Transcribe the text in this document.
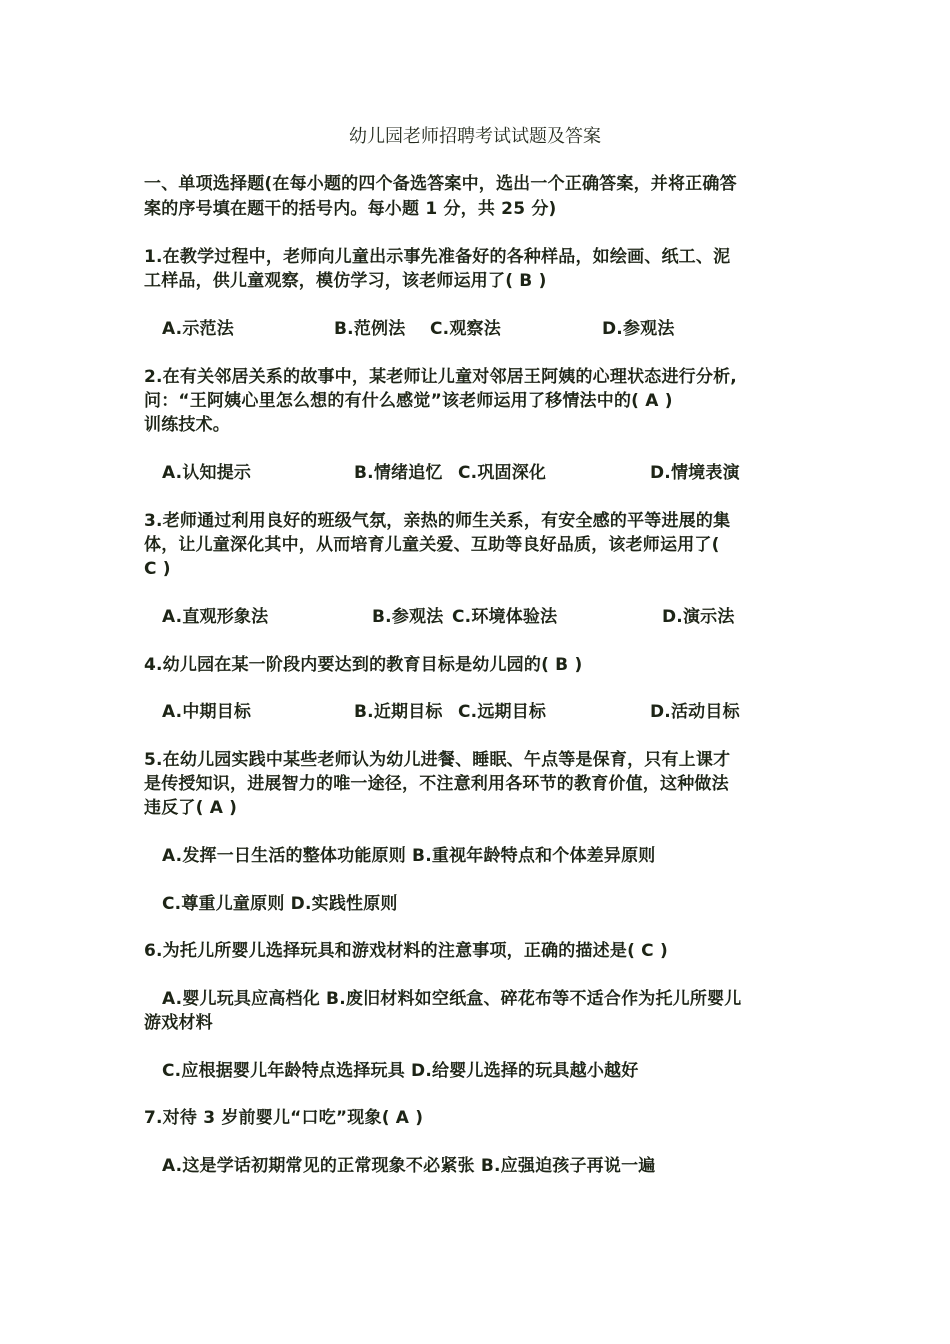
幼儿园老师招聘考试试题及答案
一、单项选择题(在每小题的四个备选答案中，选出一个正确答案，并将正确答
案的序号填在题干的括号内。每小题 1 分，共 25 分)
1.在教学过程中，老师向儿童出示事先准备好的各种样品，如绘画、纸工、泥
工样品，供儿童观察，模仿学习，该老师运用了( B )
A.示范法	B.范例法 C.观察法	D.参观法
2.在有关邻居关系的故事中，某老师让儿童对邻居王阿姨的心理状态进行分析,
问：“王阿姨心里怎么想的有什么感觉”该老师运用了移情法中的( A )
训练技术。
A.认知提示	B.情绪追忆 C.巩固深化	D.情境表演
3.老师通过利用良好的班级气氛，亲热的师生关系，有安全感的平等进展的集
体，让儿童深化其中，从而培育儿童关爱、互助等良好品质，该老师运用了(
C )
A.直观形象法	B.参观法 C.环境体验法	D.演示法
4.幼儿园在某一阶段内要达到的教育目标是幼儿园的( B )
A.中期目标	B.近期目标 C.远期目标	D.活动目标
5.在幼儿园实践中某些老师认为幼儿进餐、睡眠、午点等是保育，只有上课才
是传授知识，进展智力的唯一途径，不注意利用各环节的教育价值，这种做法
违反了( A )
A.发挥一日生活的整体功能原则 B.重视年龄特点和个体差异原则
C.尊重儿童原则 D.实践性原则
6.为托儿所婴儿选择玩具和游戏材料的注意事项，正确的描述是( C )
A.婴儿玩具应高档化 B.废旧材料如空纸盒、碎花布等不适合作为托儿所婴儿
游戏材料
C.应根据婴儿年龄特点选择玩具 D.给婴儿选择的玩具越小越好
7.对待 3 岁前婴儿“口吃”现象( A )
A.这是学话初期常见的正常现象不必紧张 B.应强迫孩子再说一遍
